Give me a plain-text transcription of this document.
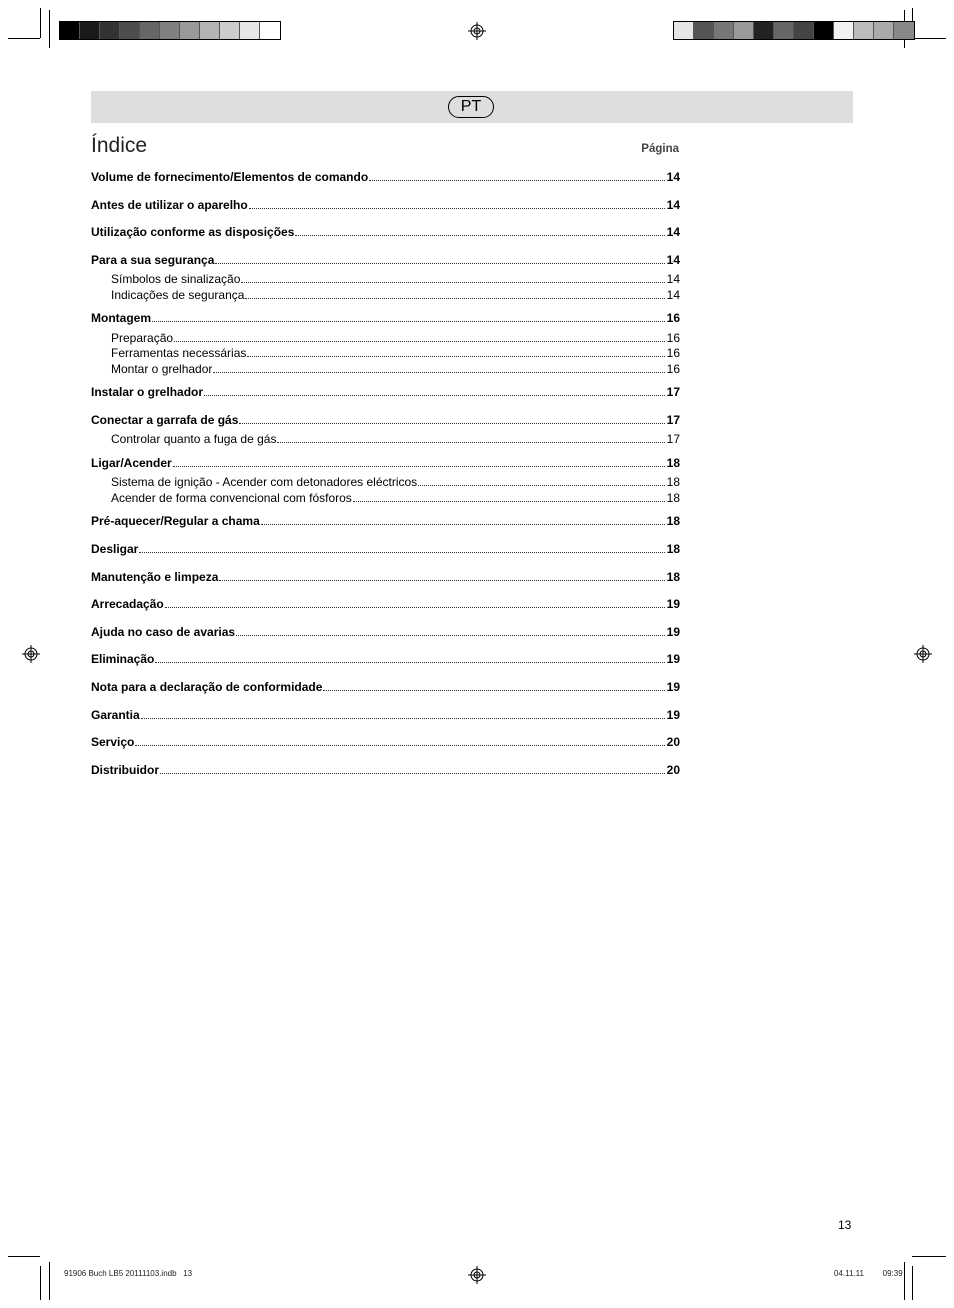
PT
Índice	Página
Volume de fornecimento/Elementos de comando	14
Antes de utilizar o aparelho	14
Utilização conforme as disposições	14
Para a sua segurança	14
Símbolos de sinalização	14
Indicações de segurança	14
Montagem	16
Preparação	16
Ferramentas necessárias	16
Montar o grelhador	16
Instalar o grelhador	17
Conectar a garrafa de gás	17
Controlar quanto a fuga de gás	17
Ligar/Acender	18
Sistema de ignição - Acender com detonadores eléctricos	18
Acender de forma convencional com fósforos	18
Pré-aquecer/Regular a chama	18
Desligar	18
Manutenção e limpeza	18
Arrecadação	19
Ajuda no caso de avarias	19
Eliminação	19
Nota para a declaração de conformidade	19
Garantia	19
Serviço	20
Distribuidor	20
13
91906 Buch LB5 20111103.indb   13	04.11.11   09:39
